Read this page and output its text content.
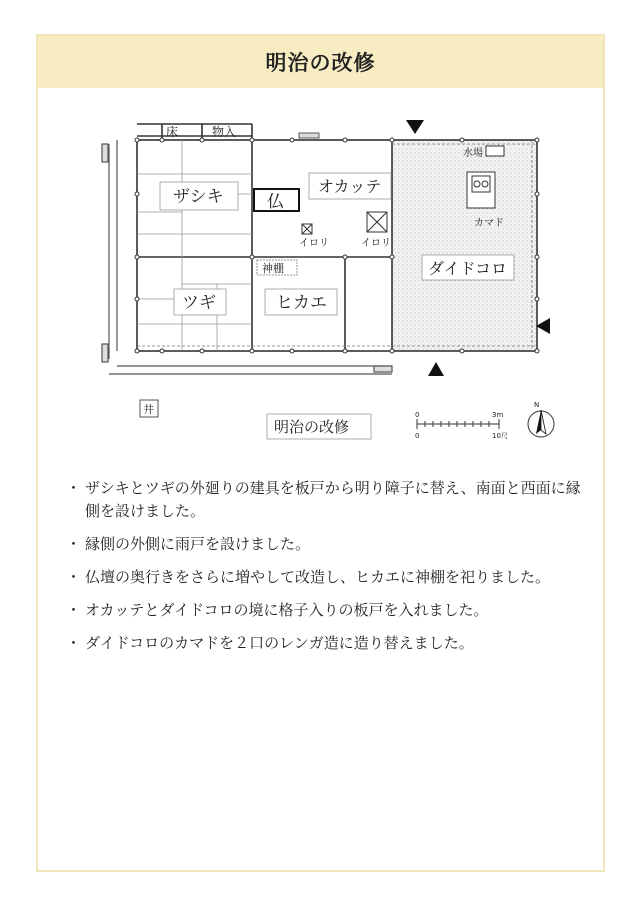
明治の改修
床	物入
ザシキ	仏
オカッテ
イロリ	イロリ
神棚	ダイドコロ
ツギ	ヒカエ
水場
カマド
井
明治の改修
0	3m
0	10尺
N
・ ザシキとツギの外廻りの建具を板戸から明り障子に替え、南面と西面に縁側を設けました。
・ 縁側の外側に雨戸を設けました。
・ 仏壇の奥行きをさらに増やして改造し、ヒカエに神棚を祀りました。
・ オカッテとダイドコロの境に格子入りの板戸を入れました。
・ ダイドコロのカマドを２口のレンガ造に造り替えました。
